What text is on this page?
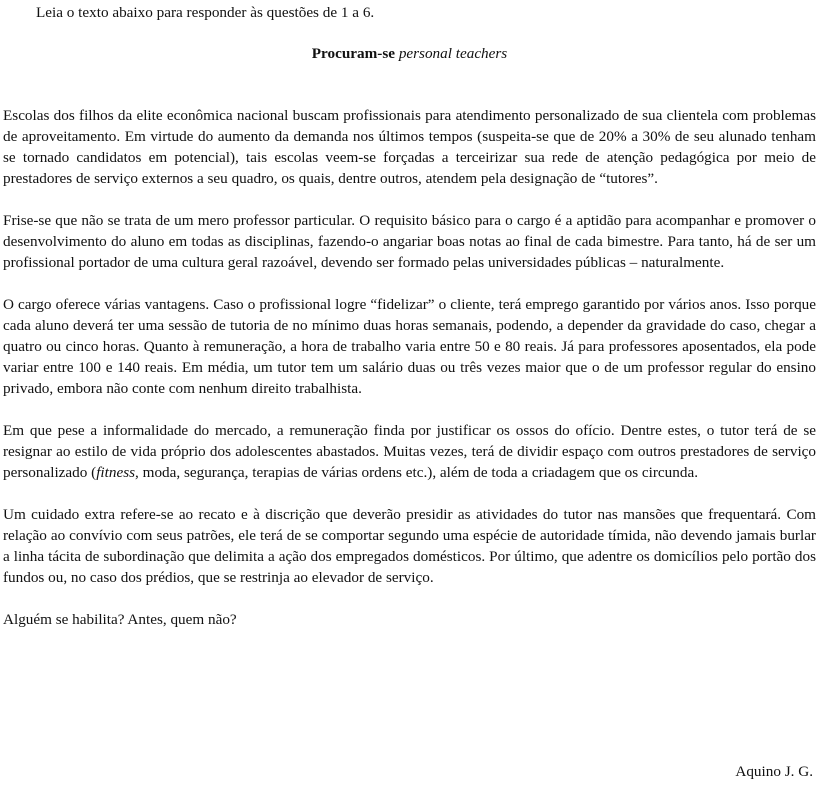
Leia o texto abaixo para responder às questões de 1 a 6.

Procuram-se personal teachers

Escolas dos filhos da elite econômica nacional buscam profissionais para atendimento personalizado de sua clientela com problemas de aproveitamento. Em virtude do aumento da demanda nos últimos tempos (suspeita-se que de 20% a 30% de seu alunado tenham se tornado candidatos em potencial), tais escolas veem-se forçadas a terceirizar sua rede de atenção pedagógica por meio de prestadores de serviço externos a seu quadro, os quais, dentre outros, atendem pela designação de “tutores”.

Frise-se que não se trata de um mero professor particular. O requisito básico para o cargo é a aptidão para acompanhar e promover o desenvolvimento do aluno em todas as disciplinas, fazendo-o angariar boas notas ao final de cada bimestre. Para tanto, há de ser um profissional portador de uma cultura geral razoável, devendo ser formado pelas universidades públicas – naturalmente.

O cargo oferece várias vantagens. Caso o profissional logre “fidelizar” o cliente, terá emprego garantido por vários anos. Isso porque cada aluno deverá ter uma sessão de tutoria de no mínimo duas horas semanais, podendo, a depender da gravidade do caso, chegar a quatro ou cinco horas. Quanto à remuneração, a hora de trabalho varia entre 50 e 80 reais. Já para professores aposentados, ela pode variar entre 100 e 140 reais. Em média, um tutor tem um salário duas ou três vezes maior que o de um professor regular do ensino privado, embora não conte com nenhum direito trabalhista.

Em que pese a informalidade do mercado, a remuneração finda por justificar os ossos do ofício. Dentre estes, o tutor terá de se resignar ao estilo de vida próprio dos adolescentes abastados. Muitas vezes, terá de dividir espaço com outros prestadores de serviço personalizado (fitness, moda, segurança, terapias de várias ordens etc.), além de toda a criadagem que os circunda.

Um cuidado extra refere-se ao recato e à discrição que deverão presidir as atividades do tutor nas mansões que frequentará. Com relação ao convívio com seus patrões, ele terá de se comportar segundo uma espécie de autoridade tímida, não devendo jamais burlar a linha tácita de subordinação que delimita a ação dos empregados domésticos. Por último, que adentre os domicílios pelo portão dos fundos ou, no caso dos prédios, que se restrinja ao elevador de serviço.

Alguém se habilita? Antes, quem não?

Aquino J. G.
